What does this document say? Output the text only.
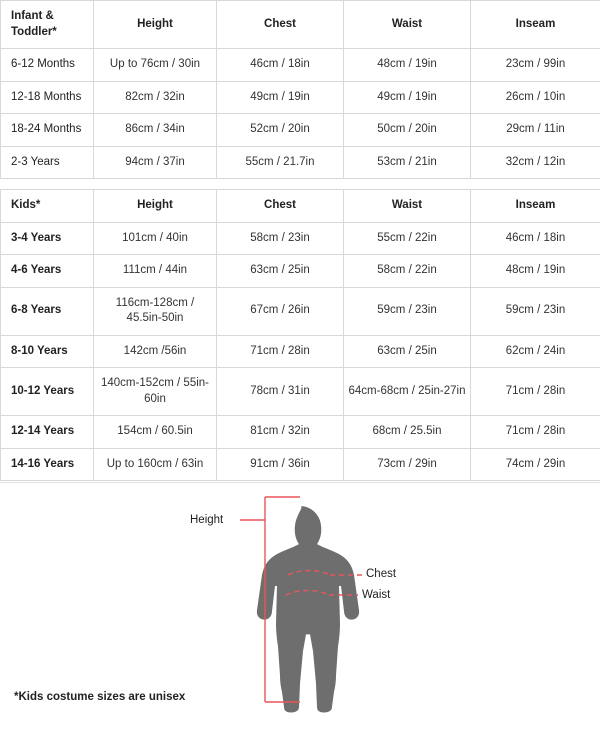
Infant & Toddler*	Height	Chest	Waist	Inseam
6-12 Months	Up to 76cm / 30in	46cm / 18in	48cm / 19in	23cm / 99in
12-18 Months	82cm / 32in	49cm / 19in	49cm / 19in	26cm / 10in
18-24 Months	86cm / 34in	52cm / 20in	50cm / 20in	29cm / 11in
2-3 Years	94cm / 37in	55cm / 21.7in	53cm / 21in	32cm / 12in
Kids*	Height	Chest	Waist	Inseam
3-4 Years	101cm / 40in	58cm / 23in	55cm / 22in	46cm / 18in
4-6 Years	111cm / 44in	63cm / 25in	58cm / 22in	48cm / 19in
6-8 Years	116cm-128cm / 45.5in-50in	67cm / 26in	59cm / 23in	59cm / 23in
8-10 Years	142cm /56in	71cm / 28in	63cm / 25in	62cm / 24in
10-12 Years	140cm-152cm / 55in-60in	78cm / 31in	64cm-68cm / 25in-27in	71cm / 28in
12-14 Years	154cm / 60.5in	81cm / 32in	68cm / 25.5in	71cm / 28in
14-16 Years	Up to 160cm / 63in	91cm / 36in	73cm / 29in	74cm / 29in
Height
Chest
Waist
*Kids costume sizes are unisex
